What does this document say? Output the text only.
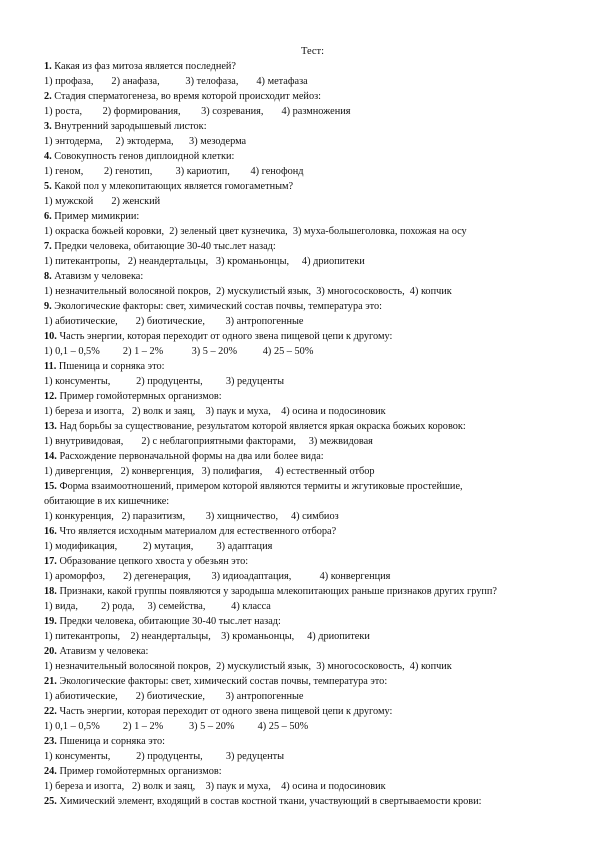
Тест:
1. Какая из фаз митоза является последней?
1) профаза,       2) анафаза,          3) телофаза,       4) метафаза
2. Стадия сперматогенеза, во время которой происходит мейоз:
1) роста,        2) формирования,        3) созревания,       4) размножения
3. Внутренний зародышевый листок:
1) энтодерма,     2) эктодерма,      3) мезодерма
4. Совокупность генов диплоидной клетки:
1) геном,        2) генотип,         3) кариотип,        4) генофонд
5. Какой пол у млекопитающих является гомогаметным?
1) мужской       2) женский
6. Пример мимикрии:
1) окраска божьей коровки,  2) зеленый цвет кузнечика,  3) муха-большеголовка, похожая на осу
7. Предки человека, обитающие 30-40 тыс.лет назад:
1) питекантропы,   2) неандертальцы,   3) кроманьонцы,     4) дриопитеки
8. Атавизм у человека:
1) незначительный волосяной покров,  2) мускулистый язык,  3) многососковость,  4) копчик
9. Экологические факторы: свет, химический состав почвы, температура это:
1) абиотические,       2) биотические,        3) антропогенные
10. Часть энергии, которая переходит от одного звена пищевой цепи к другому:
1) 0,1 – 0,5%         2) 1 – 2%           3) 5 – 20%          4) 25 – 50%
11. Пшеница и сорняка это:
1) консументы,          2) продуценты,         3) редуценты
12. Пример гомойотермных организмов:
1) береза и изогга,   2) волк и заяц,    3) паук и муха,    4) осина и подосиновик
13. Над борьбы за существование, результатом которой является яркая окраска божьих коровок:
1) внутривидовая,       2) с неблагоприятными факторами,     3) межвидовая
14. Расхождение первоначальной формы на два или более вида:
1) дивергенция,   2) конвергенция,   3) полифагия,     4) естественный отбор
15. Форма взаимоотношений, примером которой являются термиты и жгутиковые простейшие,
обитающие в их кишечнике:
1) конкуренция,   2) паразитизм,        3) хищничество,     4) симбиоз
16. Что является исходным материалом для естественного отбора?
1) модификация,          2) мутация,         3) адаптация
17. Образование цепкого хвоста у обезьян это:
1) ароморфоз,       2) дегенерация,        3) идиоадаптация,           4) конвергенция
18. Признаки, какой группы появляются у зародыша млекопитающих раньше признаков других групп?
1) вида,         2) рода,     3) семейства,          4) класса
19. Предки человека, обитающие 30-40 тыс.лет назад:
1) питекантропы,    2) неандертальцы,    3) кроманьонцы,     4) дриопитеки
20. Атавизм у человека:
1) незначительный волосяной покров,  2) мускулистый язык,  3) многососковость,  4) копчик
21. Экологические факторы: свет, химический состав почвы, температура это:
1) абиотические,       2) биотические,        3) антропогенные
22. Часть энергии, которая переходит от одного звена пищевой цепи к другому:
1) 0,1 – 0,5%         2) 1 – 2%          3) 5 – 20%         4) 25 – 50%
23. Пшеница и сорняка это:
1) консументы,          2) продуценты,         3) редуценты
24. Пример гомойотермных организмов:
1) береза и изогга,   2) волк и заяц,    3) паук и муха,    4) осина и подосиновик
25. Химический элемент, входящий в состав костной ткани, участвующий в свертываемости крови:
